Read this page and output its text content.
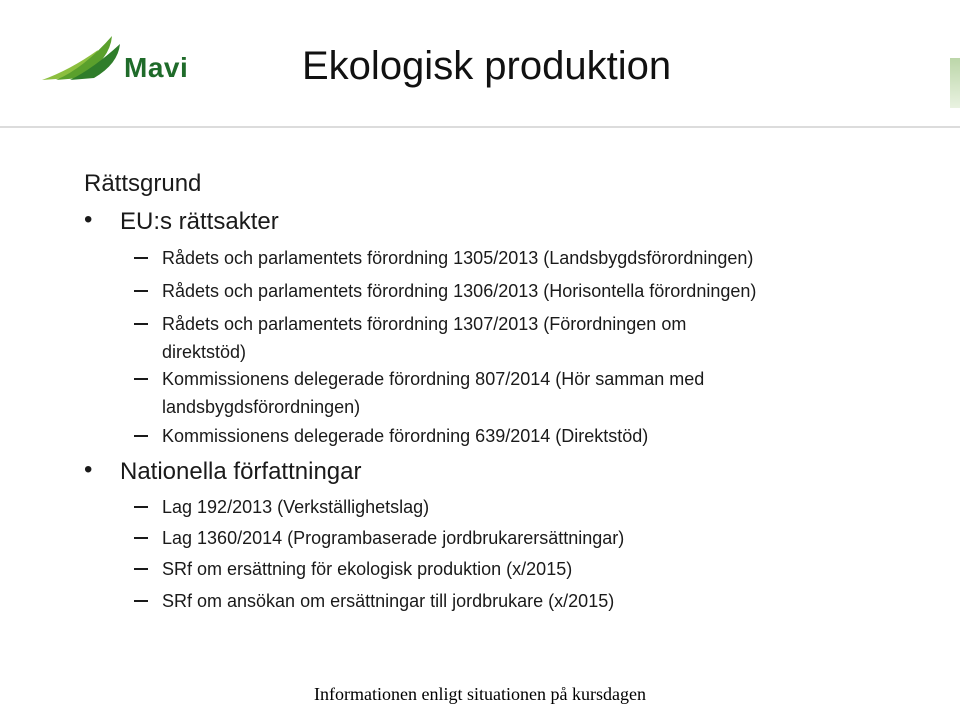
Mavi	Ekologisk produktion
Rättsgrund
• EU:s rättsakter
Rådets och parlamentets förordning 1305/2013 (Landsbygdsförordningen)
Rådets och parlamentets förordning 1306/2013 (Horisontella förordningen)
Rådets och parlamentets förordning 1307/2013 (Förordningen om direktstöd)
Kommissionens delegerade förordning 807/2014 (Hör samman med landsbygdsförordningen)
Kommissionens delegerade förordning 639/2014 (Direktstöd)
• Nationella författningar
Lag 192/2013 (Verkställighetslag)
Lag 1360/2014 (Programbaserade jordbrukarersättningar)
SRf om ersättning för ekologisk produktion (x/2015)
SRf om ansökan om ersättningar till jordbrukare (x/2015)
Informationen enligt situationen på kursdagen
